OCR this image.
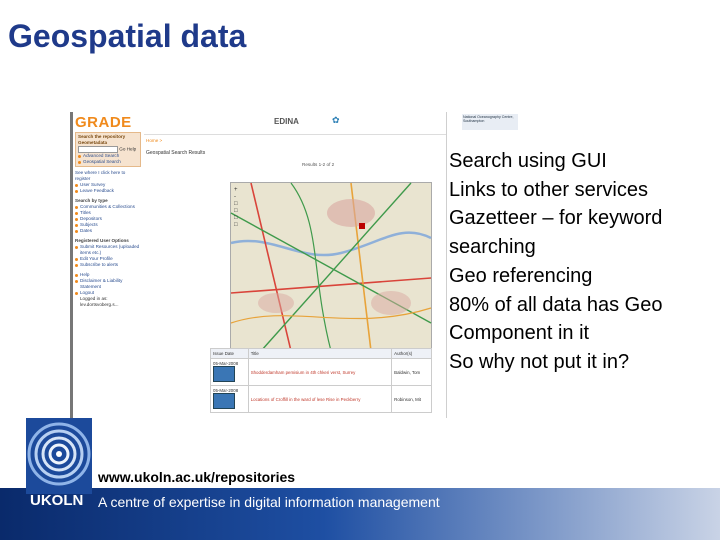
Geospatial data
GRADE
Search the repository Geometadata
Go Help
Advanced Search
Geospatial Search
See where I click here to register
User Survey
Leave Feedback
Search by type
Communities & Collections
Titles
Depositors
Subjects
Dates
Registered User Options
Submit Resources (uploaded items etc.)
Edit Your Profile
Subscribe to alerts
Help
Disclaimer & Liability Statement
Logout
Logged in as: lev.dortsvoberg.s...
EDINA	✿	National Oceanography Centre, Southampton
Home >
Geospatial Search Results
Results 1-2 of 2
+
-
□
□
□
□
Issue Date	Title	Author(s)

05-Mar-2008	Shodderdamham pemisium in 4th chkeri verst, Surrey	Baldwin, Tom

05-Mar-2008	Locations of Croffill in the ward of lese Rise in Peckberry	Robinson, Mit
Search using GUI
Links to other services
Gazetteer – for keyword
searching
Geo referencing
80% of all data has Geo
Component in it
So why not put it in?
UKOLN
www.ukoln.ac.uk/repositories
A centre of expertise in digital information management
